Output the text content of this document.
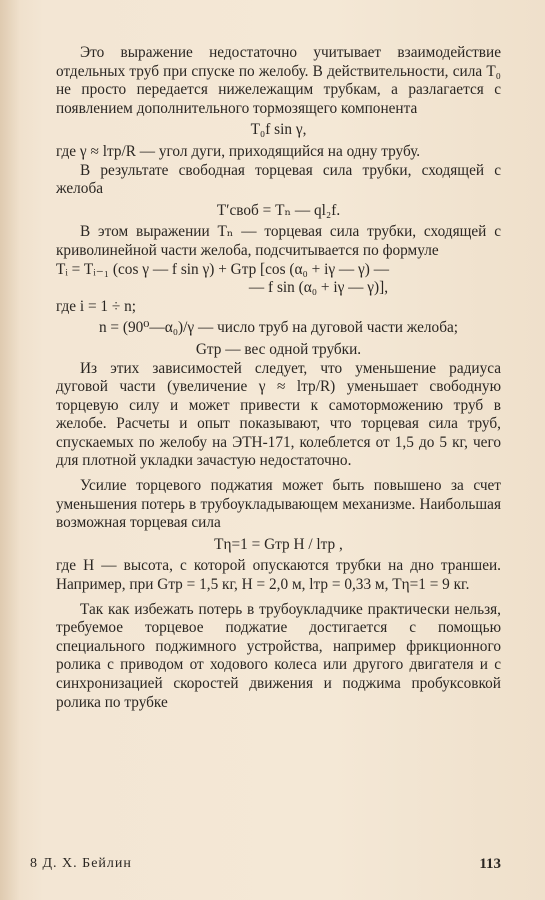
Это выражение недостаточно учитывает взаимодействие отдельных труб при спуске по желобу. В действительности, сила T₀ не просто передается нижележащим трубкам, а разлагается с появлением дополнительного тормозящего компонента

T₀f sin γ,

где γ ≈ lтр/R — угол дуги, приходящийся на одну трубу.

В результате свободная торцевая сила трубки, сходящей с желоба

T′своб = Tₙ — ql₂f.

В этом выражении Tₙ — торцевая сила трубки, сходящей с криволинейной части желоба, подсчитывается по формуле

Tᵢ = Tᵢ₋₁ (cos γ — f sin γ) + Gтр [cos (α₀ + iγ — γ) —

— f sin (α₀ + iγ — γ)],

где i = 1 ÷ n;

n = (90⁰—α₀)/γ — число труб на дуговой части желоба;

Gтр — вес одной трубки.

Из этих зависимостей следует, что уменьшение радиуса дуговой части (увеличение γ ≈ lтр/R) уменьшает свободную торцевую силу и может привести к самоторможению труб в желобе. Расчеты и опыт показывают, что торцевая сила труб, спускаемых по желобу на ЭТН-171, колеблется от 1,5 до 5 кг, чего для плотной укладки зачастую недостаточно.

Усилие торцевого поджатия может быть повышено за счет уменьшения потерь в трубоукладывающем механизме. Наибольшая возможная торцевая сила

Tη=1 = Gтр H / lтр ,

где H — высота, с которой опускаются трубки на дно траншеи. Например, при Gтр = 1,5 кг, H = 2,0 м, lтр = 0,33 м, Tη=1 = 9 кг.

Так как избежать потерь в трубоукладчике практически нельзя, требуемое торцевое поджатие достигается с помощью специального поджимного устройства, например фрикционного ролика с приводом от ходового колеса или другого двигателя и с синхронизацией скоростей движения и поджима пробуксовкой ролика по трубке

8 Д. Х. Бейлин	113
